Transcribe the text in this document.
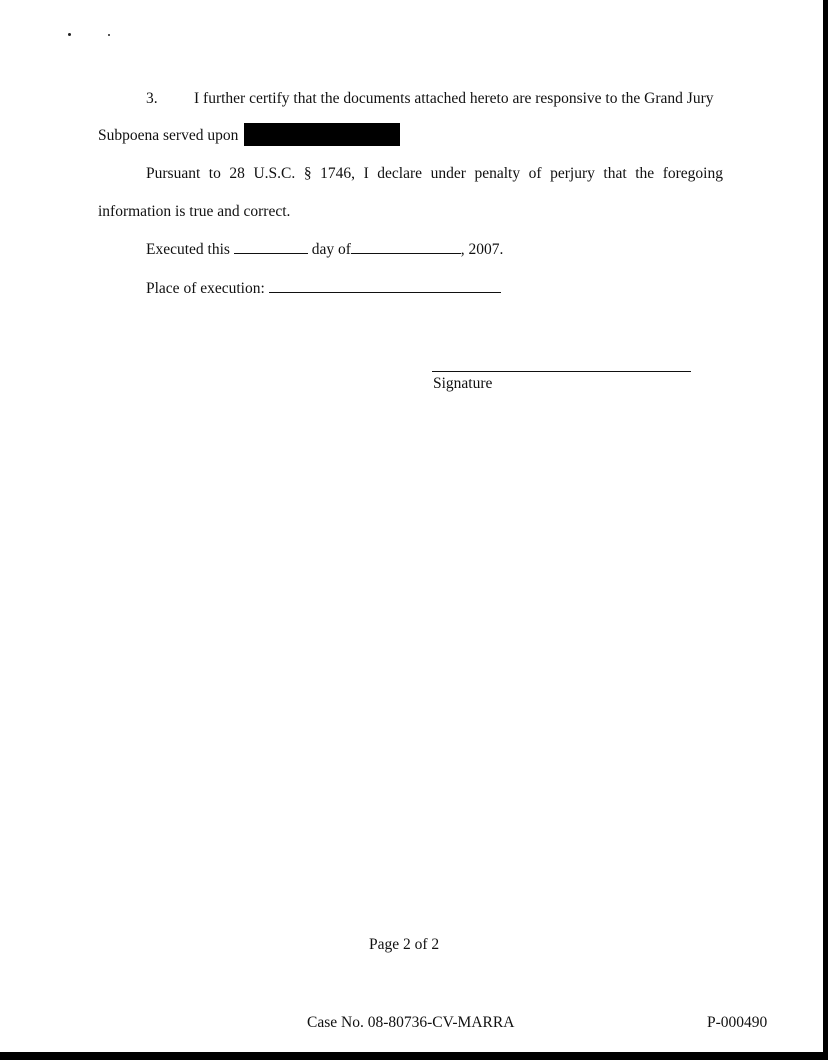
3. I further certify that the documents attached hereto are responsive to the Grand Jury
Subpoena served upon
Pursuant to 28 U.S.C. § 1746, I declare under penalty of perjury that the foregoing
information is true and correct.
Executed this	day of	, 2007.
Place of execution:
Signature
Page 2 of 2
Case No. 08-80736-CV-MARRA	P-000490
